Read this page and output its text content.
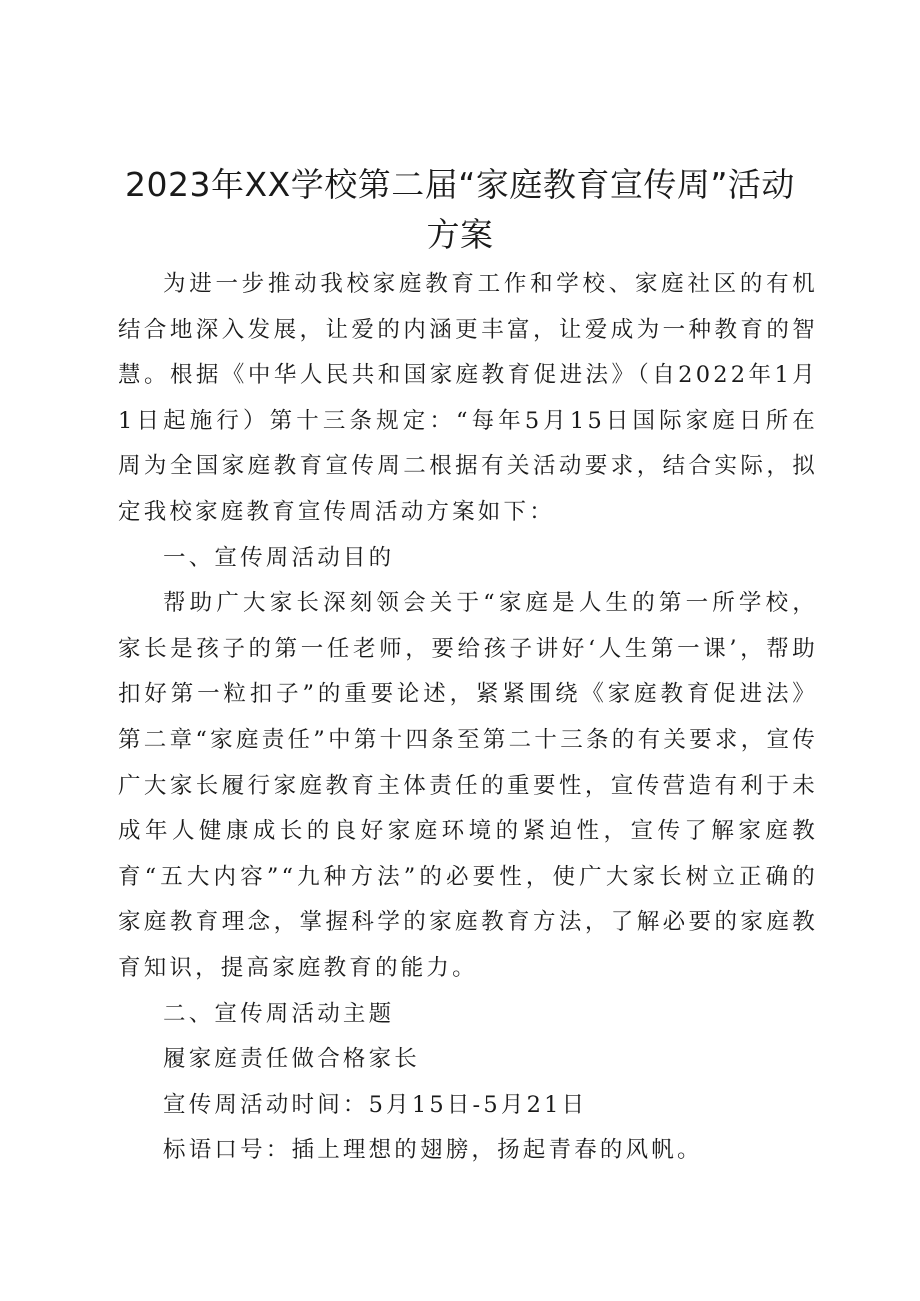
2023年XX学校第二届“家庭教育宣传周”活动
方案

为进一步推动我校家庭教育工作和学校、家庭社区的有机结合地深入发展，让爱的内涵更丰富，让爱成为一种教育的智慧。根据《中华人民共和国家庭教育促进法》（自2022年1月1日起施行）第十三条规定：“每年5月15日国际家庭日所在周为全国家庭教育宣传周二根据有关活动要求，结合实际，拟定我校家庭教育宣传周活动方案如下：

一、宣传周活动目的

帮助广大家长深刻领会关于“家庭是人生的第一所学校，家长是孩子的第一任老师，要给孩子讲好‘人生第一课’，帮助扣好第一粒扣子”的重要论述，紧紧围绕《家庭教育促进法》第二章“家庭责任”中第十四条至第二十三条的有关要求，宣传广大家长履行家庭教育主体责任的重要性，宣传营造有利于未成年人健康成长的良好家庭环境的紧迫性，宣传了解家庭教育“五大内容”“九种方法”的必要性，使广大家长树立正确的家庭教育理念，掌握科学的家庭教育方法，了解必要的家庭教育知识，提高家庭教育的能力。

二、宣传周活动主题

履家庭责任做合格家长

宣传周活动时间：5月15日-5月21日

标语口号：插上理想的翅膀，扬起青春的风帆。
